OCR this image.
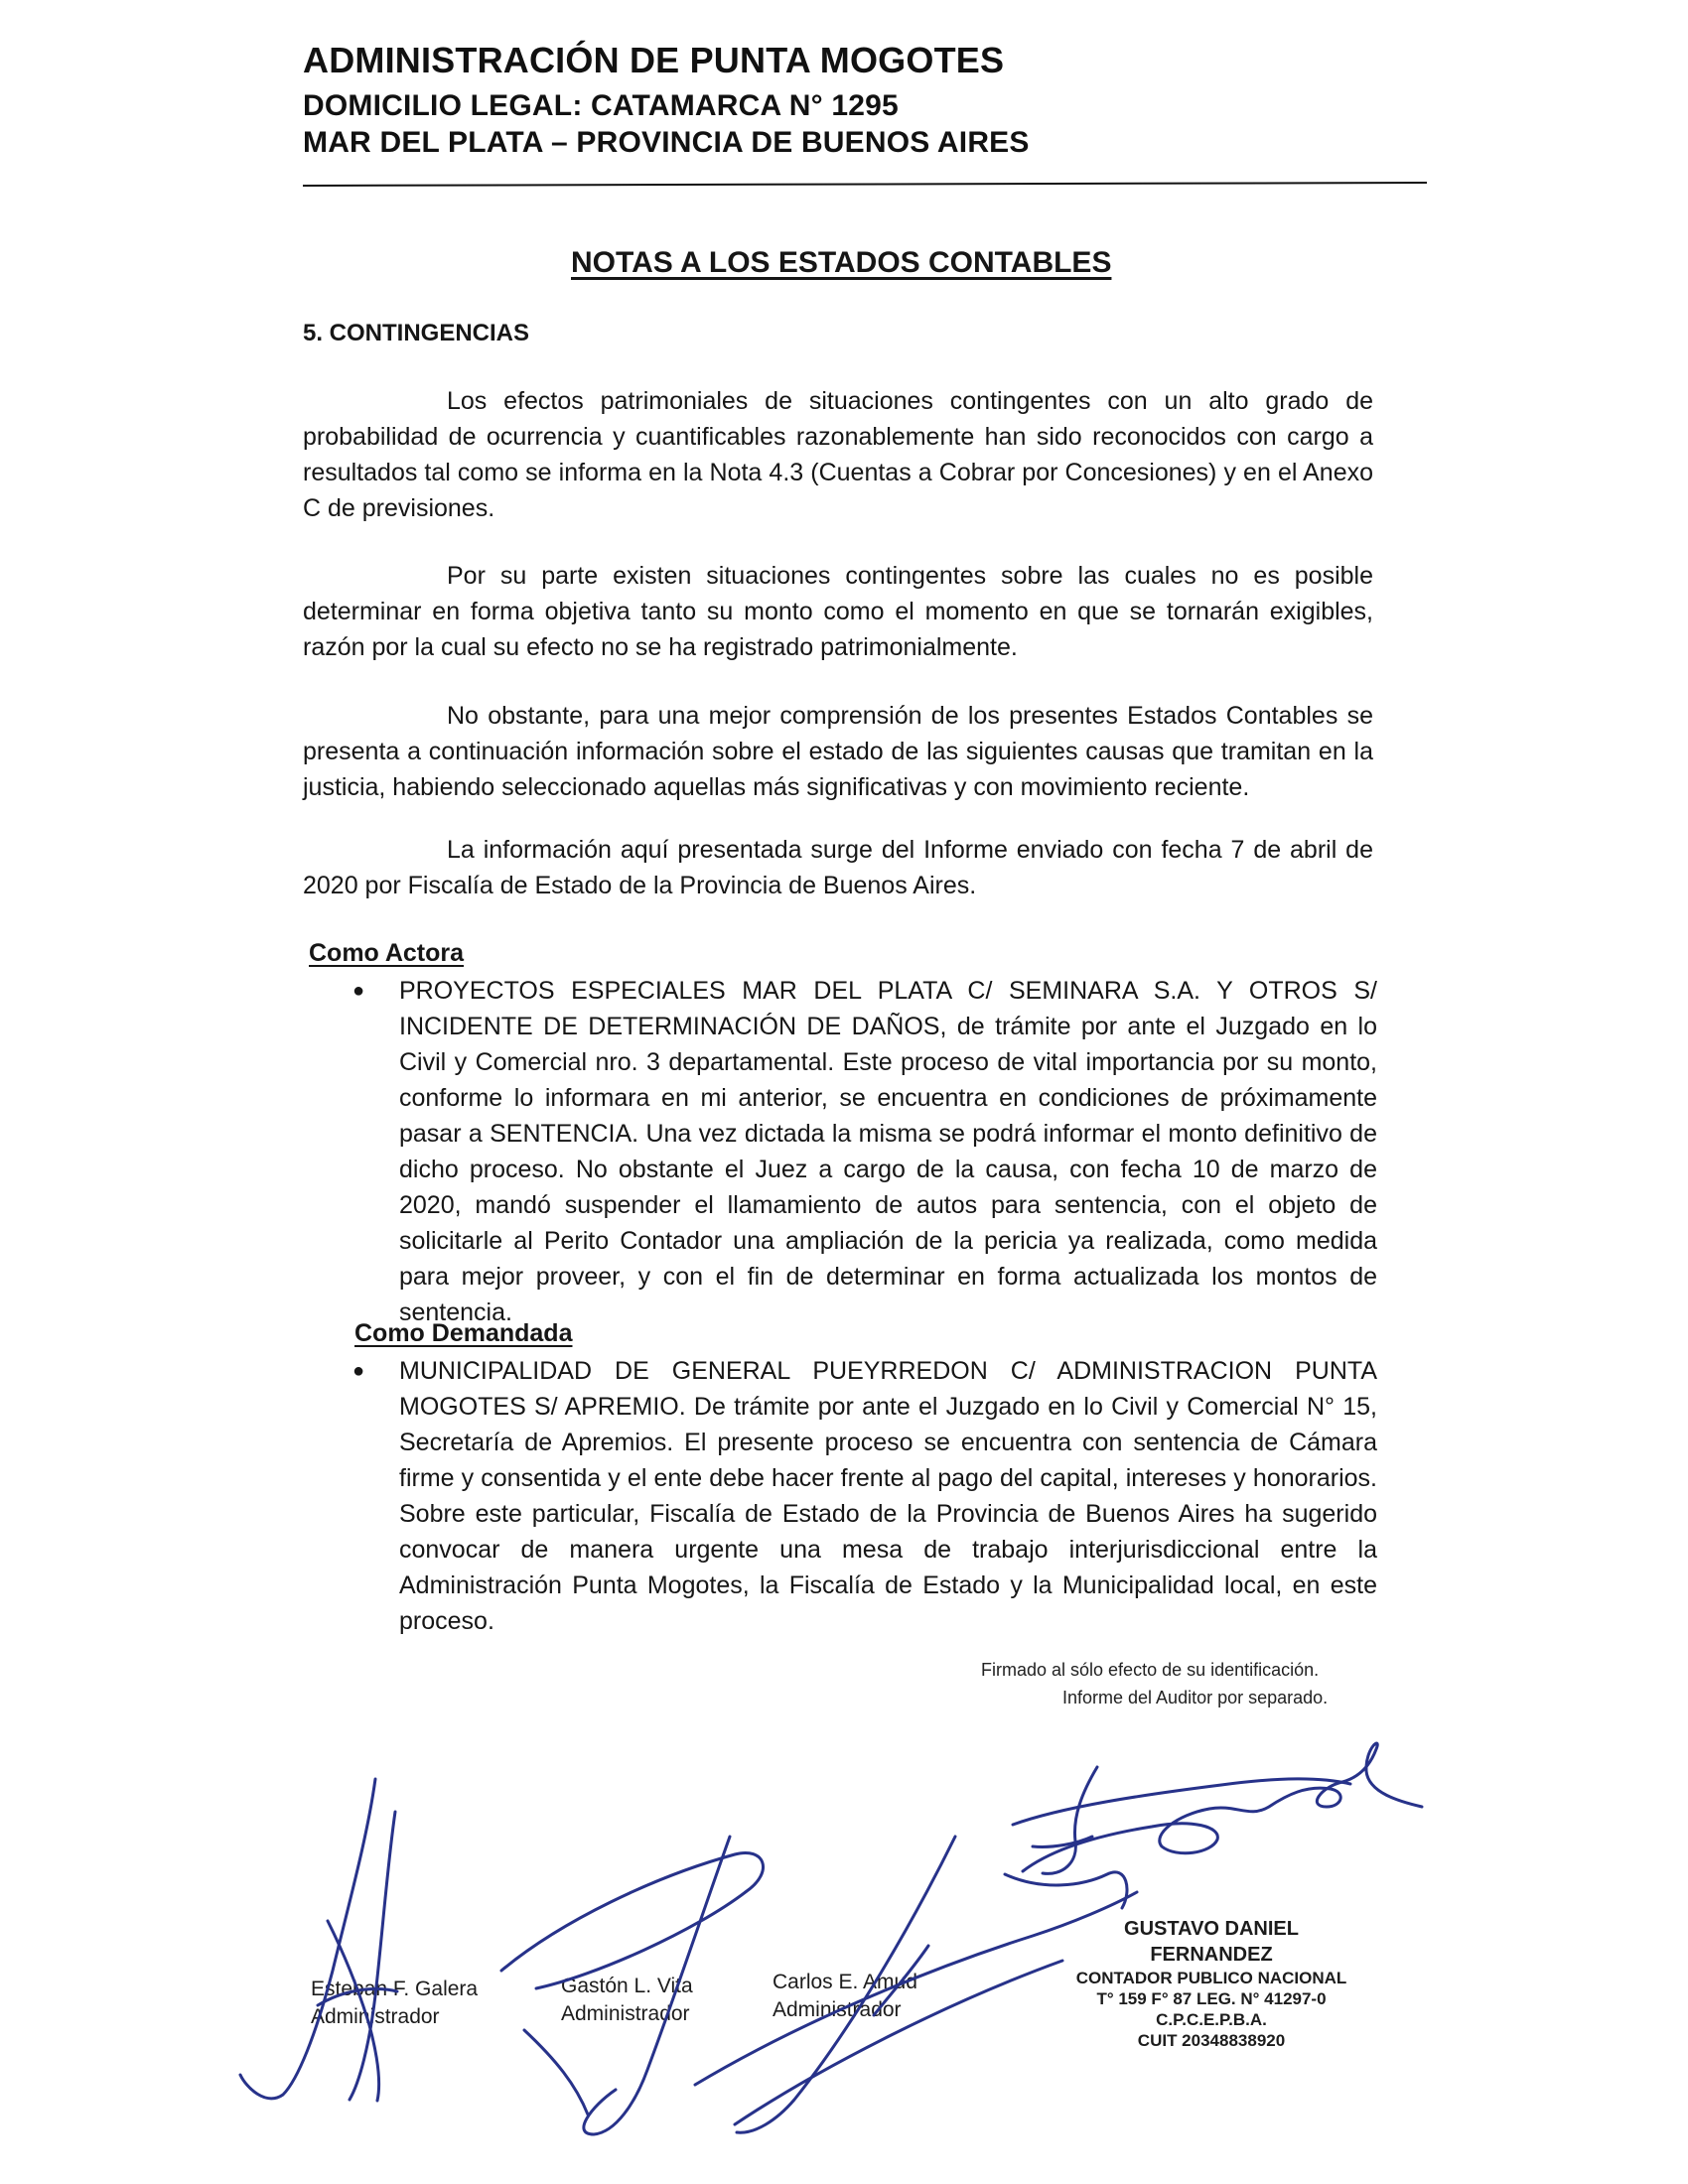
ADMINISTRACIÓN DE PUNTA MOGOTES
DOMICILIO LEGAL: CATAMARCA N° 1295
MAR DEL PLATA – PROVINCIA DE BUENOS AIRES
NOTAS A LOS ESTADOS CONTABLES
5. CONTINGENCIAS

Los efectos patrimoniales de situaciones contingentes con un alto grado de probabilidad de ocurrencia y cuantificables razonablemente han sido reconocidos con cargo a resultados tal como se informa en la Nota 4.3 (Cuentas a Cobrar por Concesiones) y en el Anexo C de previsiones.

Por su parte existen situaciones contingentes sobre las cuales no es posible determinar en forma objetiva tanto su monto como el momento en que se tornarán exigibles, razón por la cual su efecto no se ha registrado patrimonialmente.

No obstante, para una mejor comprensión de los presentes Estados Contables se presenta a continuación información sobre el estado de las siguientes causas que tramitan en la justicia, habiendo seleccionado aquellas más significativas y con movimiento reciente.

La información aquí presentada surge del Informe enviado con fecha 7 de abril de 2020 por Fiscalía de Estado de la Provincia de Buenos Aires.

Como Actora
● PROYECTOS ESPECIALES MAR DEL PLATA C/ SEMINARA S.A. Y OTROS S/ INCIDENTE DE DETERMINACIÓN DE DAÑOS, de trámite por ante el Juzgado en lo Civil y Comercial nro. 3 departamental. Este proceso de vital importancia por su monto, conforme lo informara en mi anterior, se encuentra en condiciones de próximamente pasar a SENTENCIA. Una vez dictada la misma se podrá informar el monto definitivo de dicho proceso. No obstante el Juez a cargo de la causa, con fecha 10 de marzo de 2020, mandó suspender el llamamiento de autos para sentencia, con el objeto de solicitarle al Perito Contador una ampliación de la pericia ya realizada, como medida para mejor proveer, y con el fin de determinar en forma actualizada los montos de sentencia.

Como Demandada
● MUNICIPALIDAD DE GENERAL PUEYRREDON C/ ADMINISTRACION PUNTA MOGOTES S/ APREMIO. De trámite por ante el Juzgado en lo Civil y Comercial N° 15, Secretaría de Apremios. El presente proceso se encuentra con sentencia de Cámara firme y consentida y el ente debe hacer frente al pago del capital, intereses y honorarios. Sobre este particular, Fiscalía de Estado de la Provincia de Buenos Aires ha sugerido convocar de manera urgente una mesa de trabajo interjurisdiccional entre la Administración Punta Mogotes, la Fiscalía de Estado y la Municipalidad local, en este proceso.

Firmado al sólo efecto de su identificación.
Informe del Auditor por separado.
Esteban F. Galera
Administrador
Gastón L. Vita
Administrador
Carlos E. Amud
Administrador
GUSTAVO DANIEL FERNANDEZ
CONTADOR PUBLICO NACIONAL
T° 159 F° 87 LEG. N° 41297-0
C.P.C.E.P.B.A.
CUIT 20348838920
